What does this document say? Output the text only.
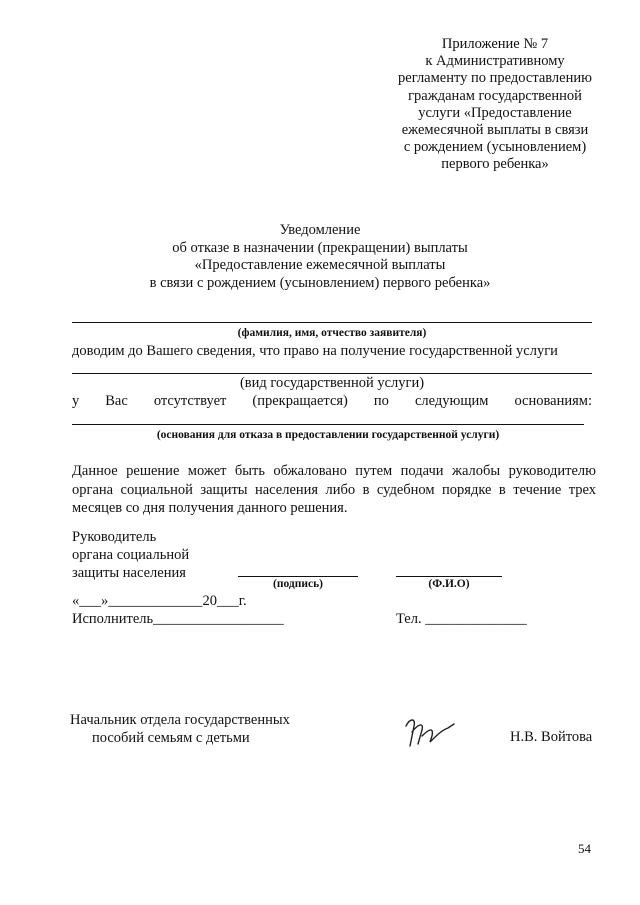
Приложение № 7
к Административному
регламенту по предоставлению
гражданам государственной
услуги «Предоставление
ежемесячной выплаты в связи
с рождением (усыновлением)
первого ребенка»
Уведомление
об отказе в назначении (прекращении) выплаты
«Предоставление ежемесячной выплаты
в связи с рождением (усыновлением) первого ребенка»
(фамилия, имя, отчество заявителя)
доводим до Вашего сведения, что право на получение государственной услуги
(вид государственной услуги)
у Вас отсутствует (прекращается) по следующим основаниям:
(основания для отказа в предоставлении государственной услуги)
Данное решение может быть обжаловано путем подачи жалобы руководителю органа социальной защиты населения либо в судебном порядке в течение трех месяцев со дня получения данного решения.
Руководитель
органа социальной
защиты населения
(подпись)	(Ф.И.О)
«___»_____________20___г.
Исполнитель__________________	Тел. ______________
Начальник отдела государственных
пособий семьям с детьми	Н.В. Войтова
54
